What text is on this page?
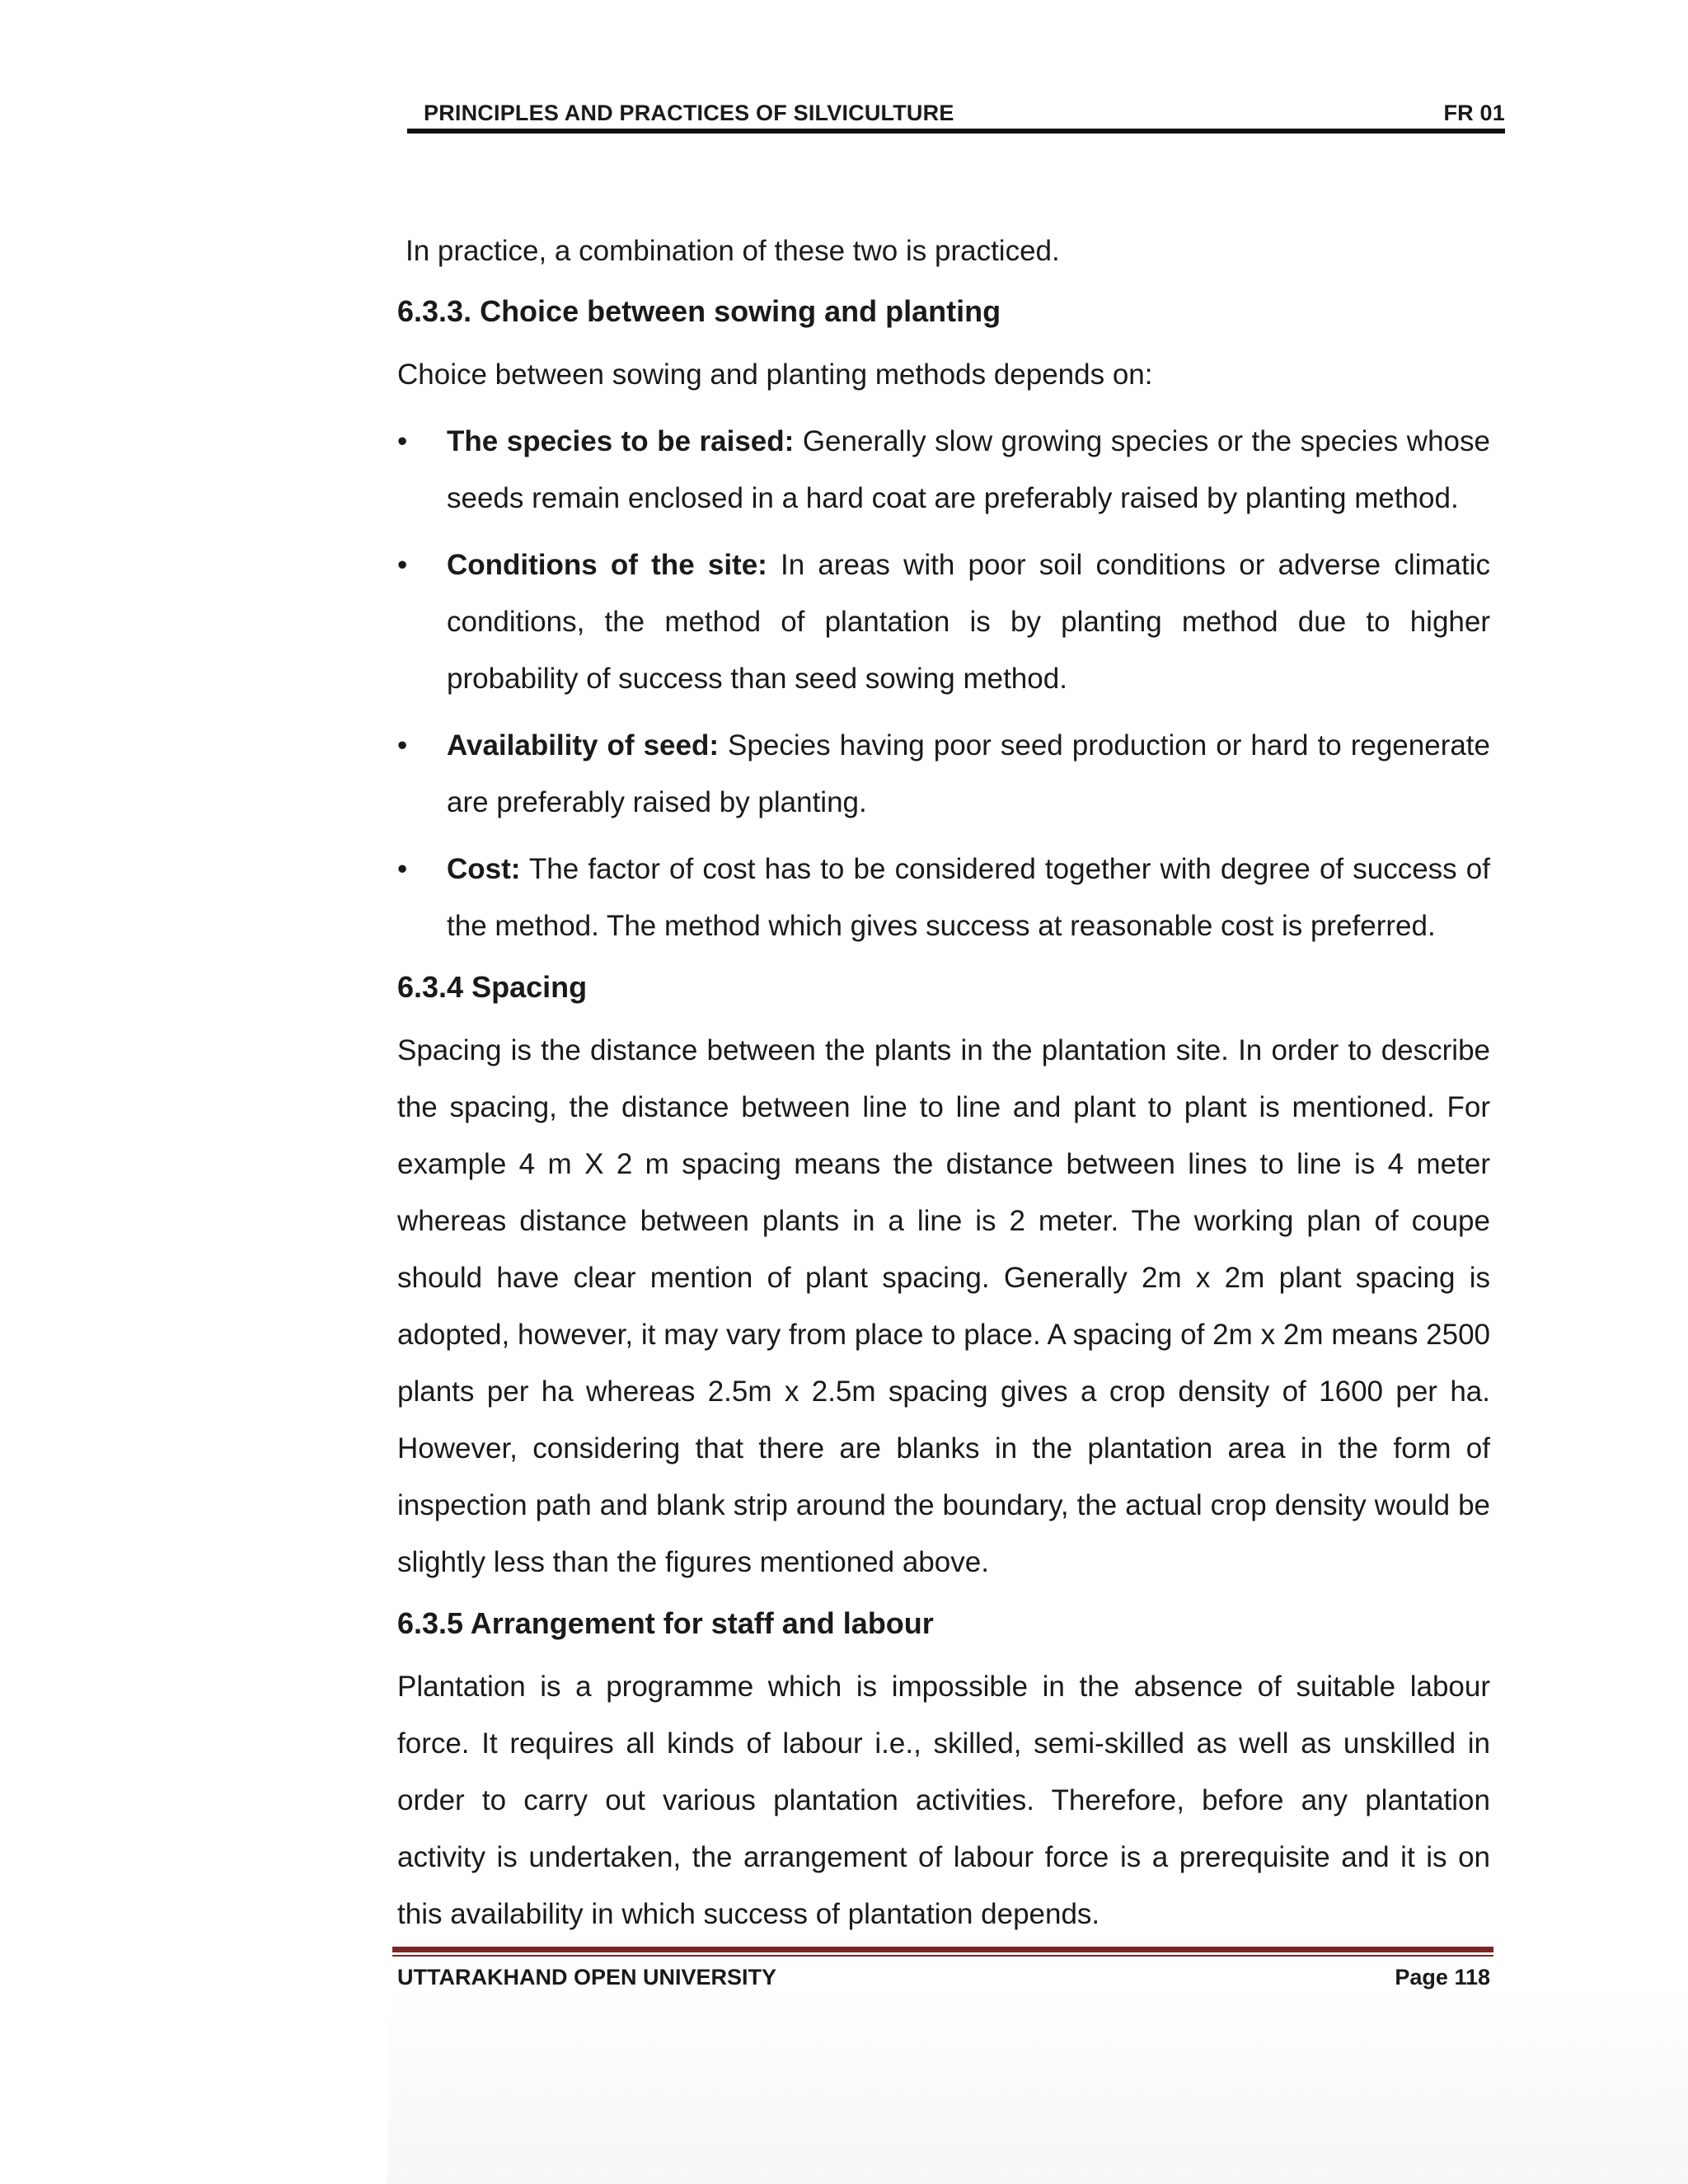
PRINCIPLES AND PRACTICES OF SILVICULTURE	FR 01

In practice, a combination of these two is practiced.

6.3.3. Choice between sowing and planting

Choice between sowing and planting methods depends on:

• The species to be raised: Generally slow growing species or the species whose seeds remain enclosed in a hard coat are preferably raised by planting method.
• Conditions of the site: In areas with poor soil conditions or adverse climatic conditions, the method of plantation is by planting method due to higher probability of success than seed sowing method.
• Availability of seed: Species having poor seed production or hard to regenerate are preferably raised by planting.
• Cost: The factor of cost has to be considered together with degree of success of the method. The method which gives success at reasonable cost is preferred.
6.3.4 Spacing

Spacing is the distance between the plants in the plantation site. In order to describe the spacing, the distance between line to line and plant to plant is mentioned. For example 4 m X 2 m spacing means the distance between lines to line is 4 meter whereas distance between plants in a line is 2 meter. The working plan of coupe should have clear mention of plant spacing. Generally 2m x 2m plant spacing is adopted, however, it may vary from place to place. A spacing of 2m x 2m means 2500 plants per ha whereas 2.5m x 2.5m spacing gives a crop density of 1600 per ha. However, considering that there are blanks in the plantation area in the form of inspection path and blank strip around the boundary, the actual crop density would be slightly less than the figures mentioned above.

6.3.5 Arrangement for staff and labour

Plantation is a programme which is impossible in the absence of suitable labour force. It requires all kinds of labour i.e., skilled, semi-skilled as well as unskilled in order to carry out various plantation activities. Therefore, before any plantation activity is undertaken, the arrangement of labour force is a prerequisite and it is on this availability in which success of plantation depends.

UTTARAKHAND OPEN UNIVERSITY	Page 118
